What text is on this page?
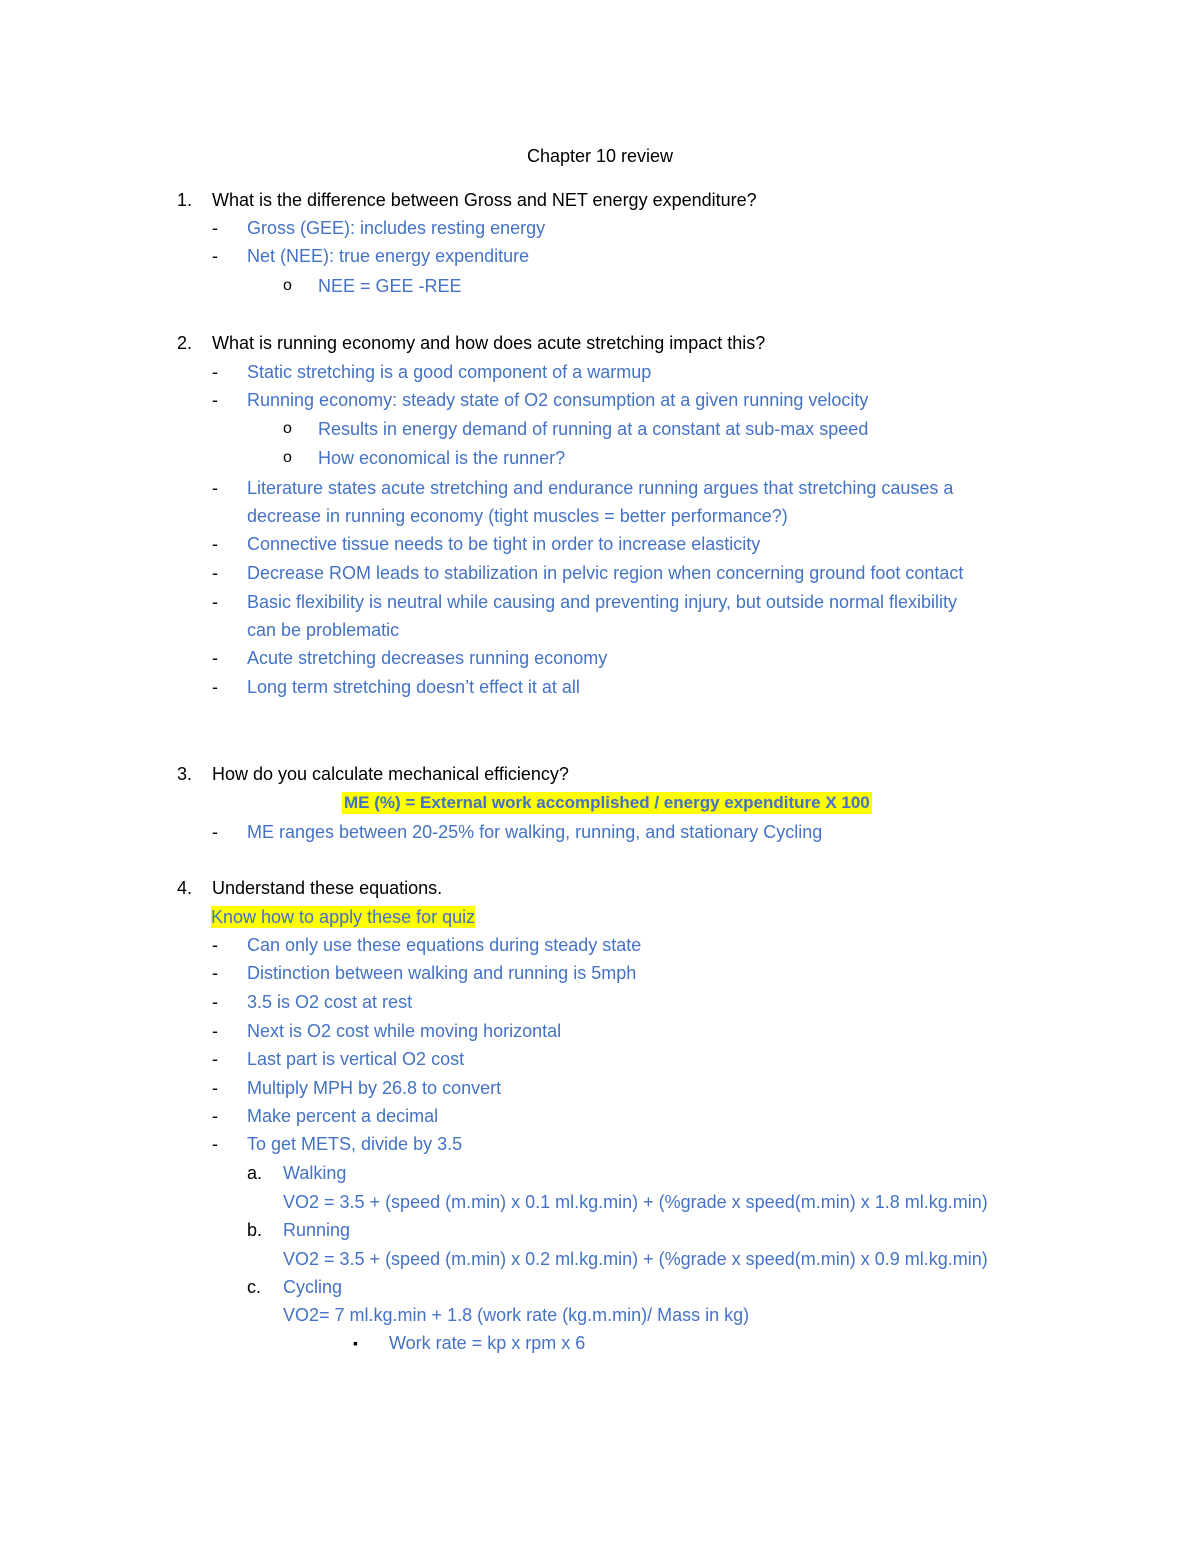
Chapter 10 review
1. What is the difference between Gross and NET energy expenditure?
- Gross (GEE): includes resting energy
- Net (NEE): true energy expenditure
o NEE = GEE -REE
2. What is running economy and how does acute stretching impact this?
- Static stretching is a good component of a warmup
- Running economy: steady state of O2 consumption at a given running velocity
o Results in energy demand of running at a constant at sub-max speed
o How economical is the runner?
- Literature states acute stretching and endurance running argues that stretching causes a
decrease in running economy (tight muscles = better performance?)
- Connective tissue needs to be tight in order to increase elasticity
- Decrease ROM leads to stabilization in pelvic region when concerning ground foot contact
- Basic flexibility is neutral while causing and preventing injury, but outside normal flexibility
can be problematic
- Acute stretching decreases running economy
- Long term stretching doesn’t effect it at all
3. How do you calculate mechanical efficiency?
ME (%) = External work accomplished / energy expenditure X 100
- ME ranges between 20-25% for walking, running, and stationary Cycling
4. Understand these equations.
Know how to apply these for quiz
- Can only use these equations during steady state
- Distinction between walking and running is 5mph
- 3.5 is O2 cost at rest
- Next is O2 cost while moving horizontal
- Last part is vertical O2 cost
- Multiply MPH by 26.8 to convert
- Make percent a decimal
- To get METS, divide by 3.5
a. Walking
VO2 = 3.5 + (speed (m.min) x 0.1 ml.kg.min) + (%grade x speed(m.min) x 1.8 ml.kg.min)
b. Running
VO2 = 3.5 + (speed (m.min) x 0.2 ml.kg.min) + (%grade x speed(m.min) x 0.9 ml.kg.min)
c. Cycling
VO2= 7 ml.kg.min + 1.8 (work rate (kg.m.min)/ Mass in kg)
▪ Work rate = kp x rpm x 6
